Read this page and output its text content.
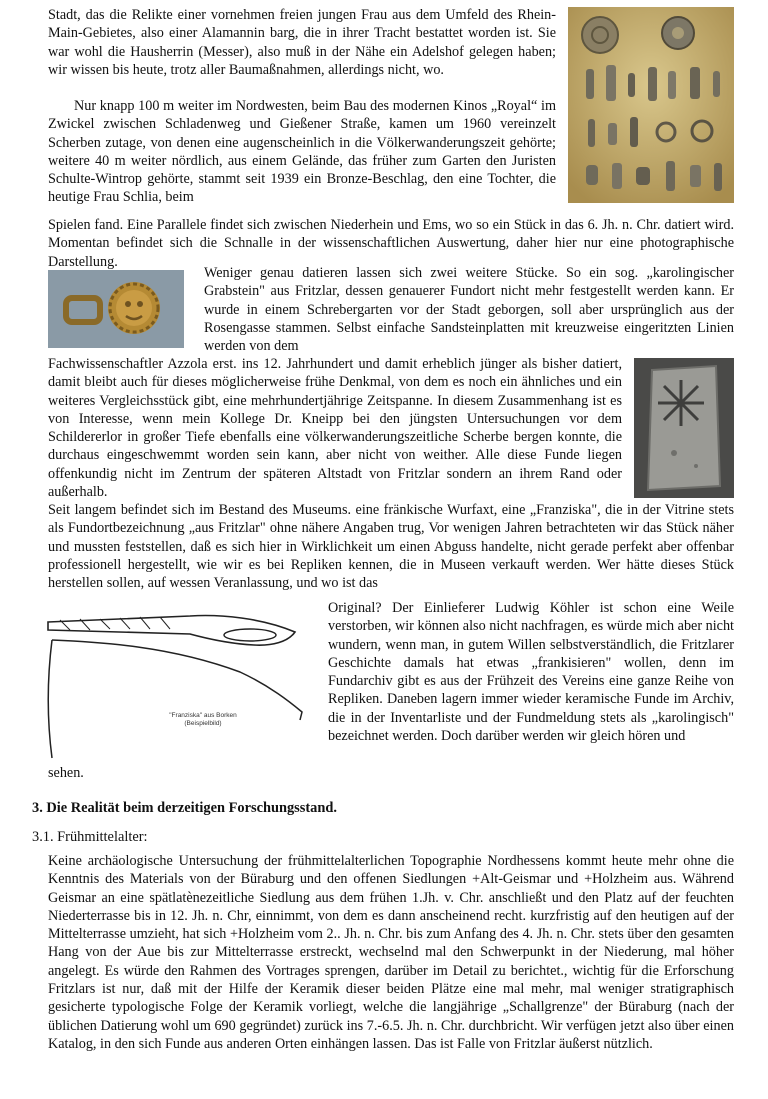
Stadt, das die Relikte einer vornehmen freien jungen Frau aus dem Umfeld des Rhein-Main-Gebietes, also einer Alamannin barg, die in ihrer Tracht bestattet worden ist. Sie war wohl die Hausherrin (Messer), also muß in der Nähe ein Adelshof gelegen haben; wir wissen bis heute, trotz aller Baumaßnahmen, allerdings nicht, wo.

Nur knapp 100 m weiter im Nordwesten, beim Bau des modernen Kinos „Royal“ im Zwickel zwischen Schladenweg und Gießener Straße, kamen um 1960 vereinzelt Scherben zutage, von denen eine augenscheinlich in die Völkerwanderungszeit gehörte; weitere 40 m weiter nördlich, aus einem Gelände, das früher zum Garten den Juristen Schulte-Wintrop gehörte, stammt seit 1939 ein Bronze-Beschlag, den eine Tochter, die heutige Frau Schlia, beim

Spielen fand. Eine Parallele findet sich zwischen Niederhein und Ems, wo so ein Stück in das 6. Jh. n. Chr. datiert wird. Momentan befindet sich die Schnalle in der wissenschaftlichen Auswertung, daher hier nur eine photographische Darstellung.

Weniger genau datieren lassen sich zwei weitere Stücke. So ein sog. „karolingischer Grabstein" aus Fritzlar, dessen genauerer Fundort nicht mehr festgestellt werden kann. Er wurde in einem Schrebergarten vor der Stadt geborgen, soll aber ursprünglich aus der Rosengasse stammen. Selbst einfache Sandsteinplatten mit kreuzweise eingeritzten Linien werden von dem

Fachwissenschaftler Azzola erst. ins 12. Jahrhundert und damit erheblich jünger als bisher datiert, damit bleibt auch für dieses möglicherweise frühe Denkmal, von dem es noch ein ähnliches und ein weiteres Vergleichsstück gibt, eine mehrhundertjährige Zeitspanne. In diesem Zusammenhang ist es von Interesse, wenn mein Kollege Dr. Kneipp bei den jüngsten Untersuchungen vor dem Schildererlor in großer Tiefe ebenfalls eine völkerwanderungszeitliche Scherbe bergen konnte, die durchaus eingeschwemmt worden sein kann, aber nicht von weither. Alle diese Funde liegen offenkundig nicht im Zentrum der späteren Altstadt von Fritzlar sondern an ihrem Rand oder außerhalb.

Seit langem befindet sich im Bestand des Museums. eine fränkische Wurfaxt, eine „Franziska", die in der Vitrine stets als Fundortbezeichnung „aus Fritzlar" ohne nähere Angaben trug, Vor wenigen Jahren betrachteten wir das Stück näher und mussten feststellen, daß es sich hier in Wirklichkeit um einen Abguss handelte, nicht gerade perfekt aber offenbar professionell hergestellt, wie wir es bei Repliken kennen, die in Museen verkauft werden. Wer hätte dieses Stück herstellen sollen, auf wessen Veranlassung, und wo ist das

"Franziska" aus Borken
(Beispielbild)

Original? Der Einlieferer Ludwig Köhler ist schon eine Weile verstorben, wir können also nicht nachfragen, es würde mich aber nicht wundern, wenn man, in gutem Willen selbstverständlich, die Fritzlarer Geschichte damals hat etwas „frankisieren" wollen, denn im Fundarchiv gibt es aus der Frühzeit des Vereins eine ganze Reihe von Repliken. Daneben lagern immer wieder keramische Funde im Archiv, die in der Inventarliste und der Fundmeldung stets als „karolingisch" bezeichnet werden. Doch darüber werden wir gleich hören und

sehen.

3. Die Realität beim derzeitigen Forschungsstand.
3.1. Frühmittelalter:

Keine archäologische Untersuchung der frühmittelalterlichen Topographie Nordhessens kommt heute mehr ohne die Kenntnis des Materials von der Büraburg und den offenen Siedlungen +Alt-Geismar und +Holzheim aus. Während Geismar an eine spätlatènezeitliche Siedlung aus dem frühen 1.Jh. v. Chr. anschließt und den Platz auf der feuchten Niederterrasse bis in 12. Jh. n. Chr, einnimmt, von dem es dann anscheinend recht. kurzfristig auf den heutigen auf der Mittelterrasse umzieht, hat sich +Holzheim vom 2.. Jh. n. Chr. bis zum Anfang des 4. Jh. n. Chr. stets über den gesamten Hang von der Aue bis zur Mittelterrasse erstreckt, wechselnd mal den Schwerpunkt in der Niederung, mal höher angelegt. Es würde den Rahmen des Vortrages sprengen, darüber im Detail zu berichtet., wichtig für die Erforschung Fritzlars ist nur, daß mit der Hilfe der Keramik dieser beiden Plätze eine mal mehr, mal weniger stratigraphisch gesicherte typologische Folge der Keramik vorliegt, welche die langjährige „Schallgrenze" der Büraburg (nach der üblichen Datierung wohl um 690 gegründet) zurück ins 7.-6.5. Jh. n. Chr. durchbricht. Wir verfügen jetzt also über einen Katalog, in den sich Funde aus anderen Orten einhängen lassen. Das ist Falle von Fritzlar äußerst nützlich.
